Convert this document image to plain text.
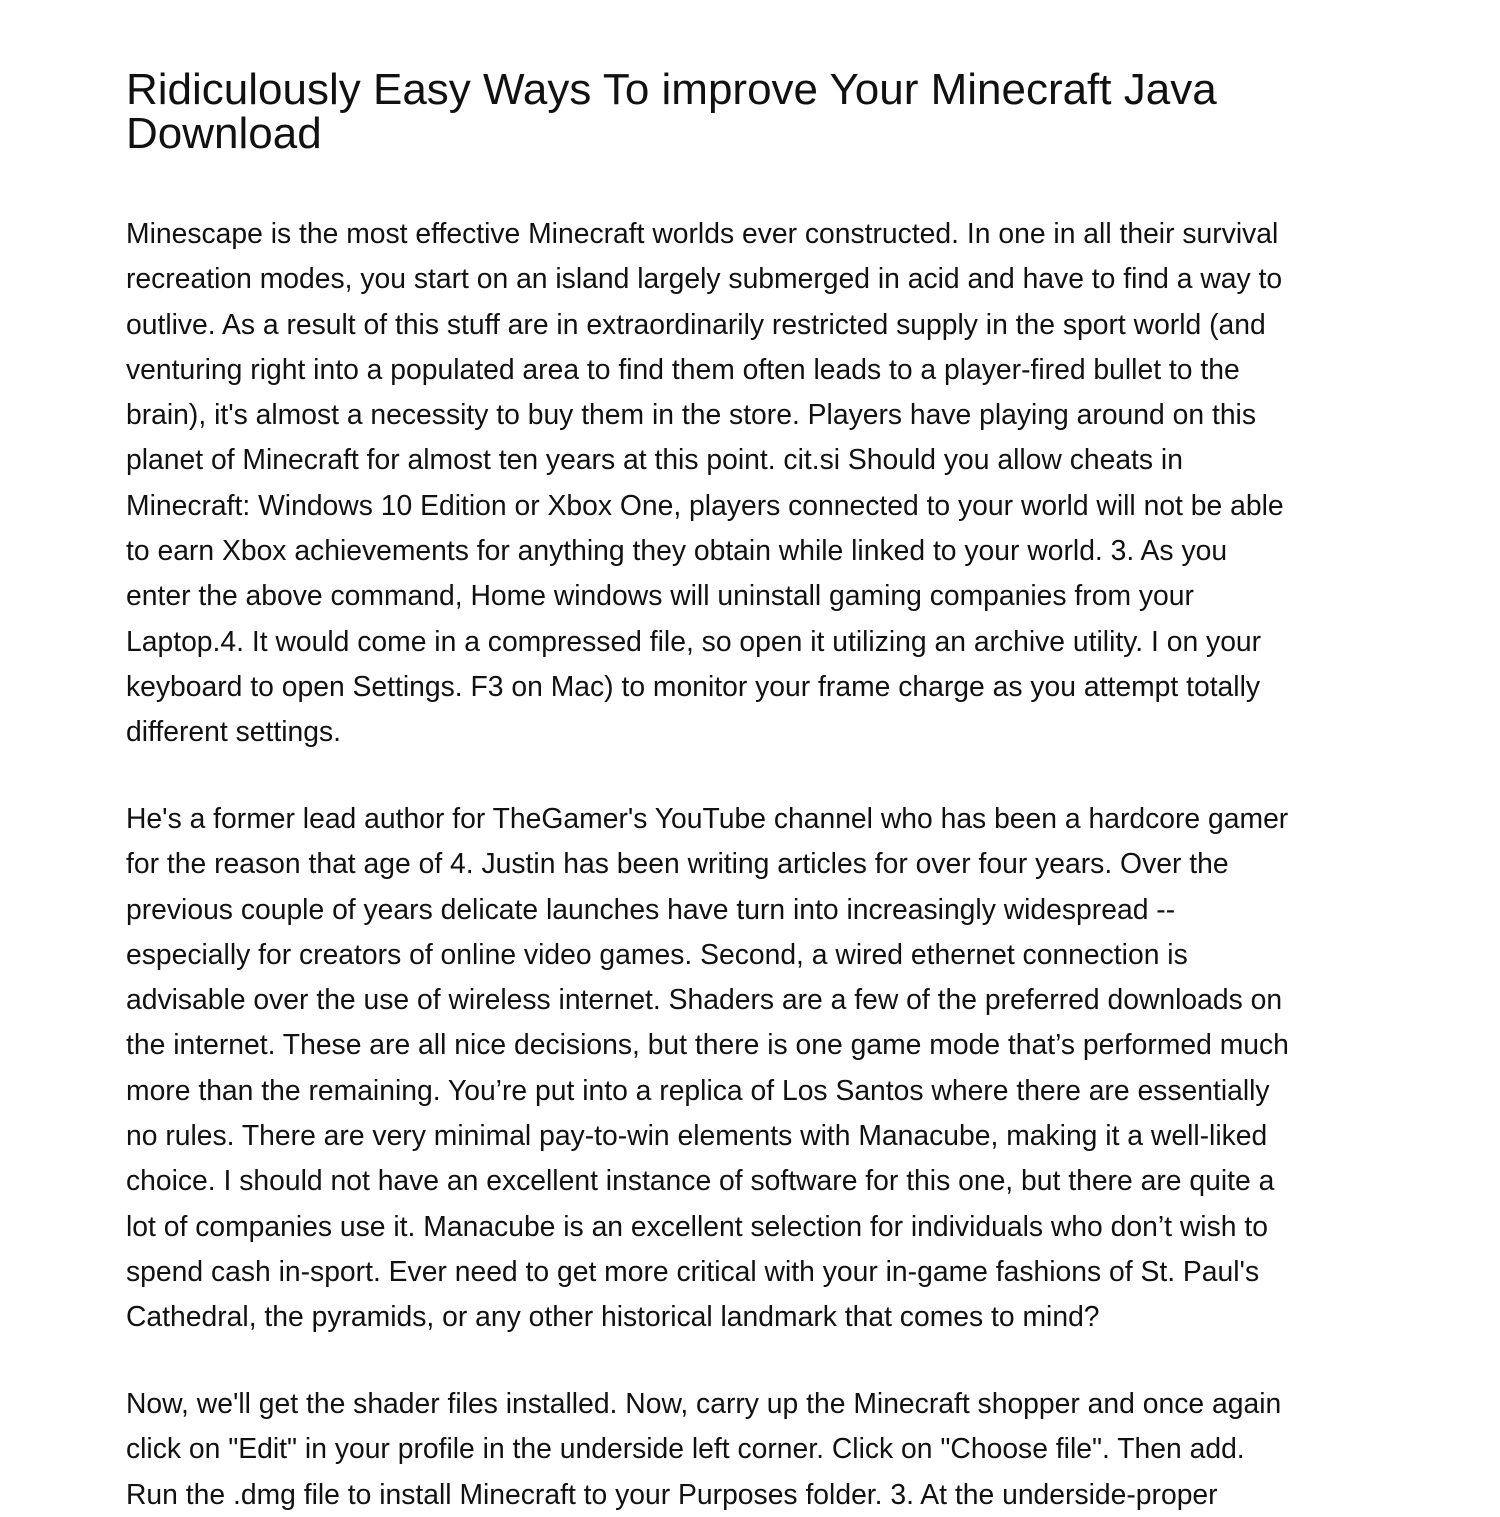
Ridiculously Easy Ways To improve Your Minecraft Java
Download

Minescape is the most effective Minecraft worlds ever constructed. In one in all their survival
recreation modes, you start on an island largely submerged in acid and have to find a way to
outlive. As a result of this stuff are in extraordinarily restricted supply in the sport world (and
venturing right into a populated area to find them often leads to a player-fired bullet to the
brain), it's almost a necessity to buy them in the store. Players have playing around on this
planet of Minecraft for almost ten years at this point. cit.si Should you allow cheats in
Minecraft: Windows 10 Edition or Xbox One, players connected to your world will not be able
to earn Xbox achievements for anything they obtain while linked to your world. 3. As you
enter the above command, Home windows will uninstall gaming companies from your
Laptop.4. It would come in a compressed file, so open it utilizing an archive utility. I on your
keyboard to open Settings. F3 on Mac) to monitor your frame charge as you attempt totally
different settings.

He's a former lead author for TheGamer's YouTube channel who has been a hardcore gamer
for the reason that age of 4. Justin has been writing articles for over four years. Over the
previous couple of years delicate launches have turn into increasingly widespread --
especially for creators of online video games. Second, a wired ethernet connection is
advisable over the use of wireless internet. Shaders are a few of the preferred downloads on
the internet. These are all nice decisions, but there is one game mode that’s performed much
more than the remaining. You’re put into a replica of Los Santos where there are essentially
no rules. There are very minimal pay-to-win elements with Manacube, making it a well-liked
choice. I should not have an excellent instance of software for this one, but there are quite a
lot of companies use it. Manacube is an excellent selection for individuals who don’t wish to
spend cash in-sport. Ever need to get more critical with your in-game fashions of St. Paul's
Cathedral, the pyramids, or any other historical landmark that comes to mind?

Now, we'll get the shader files installed. Now, carry up the Minecraft shopper and once again
click on "Edit" in your profile in the underside left corner. Click on "Choose file". Then add.
Run the .dmg file to install Minecraft to your Purposes folder. 3. At the underside-proper
